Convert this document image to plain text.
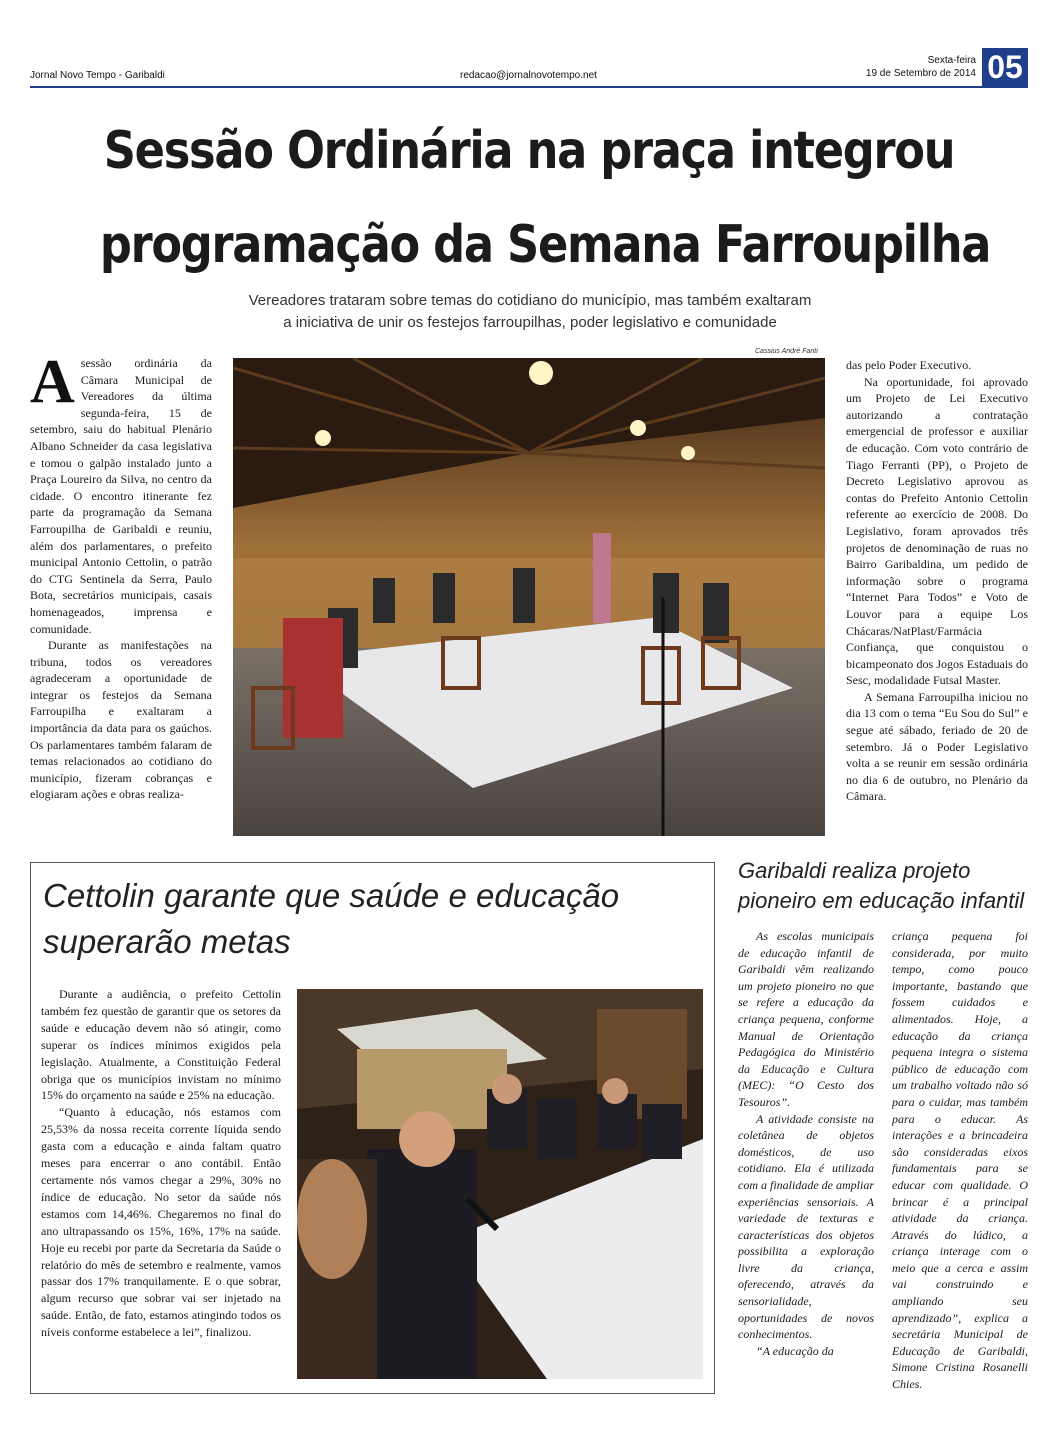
Jornal Novo Tempo - Garibaldi	redacao@jornalnovotempo.net
Sexta-feira
19 de Setembro de 2014 05
Sessão Ordinária na praça integrou
programação da Semana Farroupilha
Vereadores trataram sobre temas do cotidiano do município, mas também exaltaram
a iniciativa de unir os festejos farroupilhas, poder legislativo e comunidade

Asessão ordinária da Câmara Municipal de Vereadores da última segunda-feira, 15 de setembro, saiu do habitual Plenário Albano Schneider da casa legislativa e tomou o galpão instalado junto a Praça Loureiro da Silva, no centro da cidade. O encontro itinerante fez parte da programação da Semana Farroupilha de Garibaldi e reuniu, além dos parlamentares, o prefeito municipal Antonio Cettolin, o patrão do CTG Sentinela da Serra, Paulo Bota, secretários municipais, casais homenageados, imprensa e comunidade.

Durante as manifestações na tribuna, todos os vereadores agradeceram a oportunidade de integrar os festejos da Semana Farroupilha e exaltaram a importância da data para os gaúchos. Os parlamentares também falaram de temas relacionados ao cotidiano do município, fizeram cobranças e elogiaram ações e obras realiza-

Cassius André Fanti

das pelo Poder Executivo.

Na oportunidade, foi aprovado um Projeto de Lei Executivo autorizando a contratação emergencial de professor e auxiliar de educação. Com voto contrário de Tiago Ferranti (PP), o Projeto de Decreto Legislativo aprovou as contas do Prefeito Antonio Cettolin referente ao exercício de 2008. Do Legislativo, foram aprovados três projetos de denominação de ruas no Bairro Garibaldina, um pedido de informação sobre o programa “Internet Para Todos” e Voto de Louvor para a equipe Los Chácaras/NatPlast/Farmácia Confiança, que conquistou o bicampeonato dos Jogos Estaduais do Sesc, modalidade Futsal Master.

A Semana Farroupilha iniciou no dia 13 com o tema “Eu Sou do Sul” e segue até sábado, feriado de 20 de setembro. Já o Poder Legislativo volta a se reunir em sessão ordinária no dia 6 de outubro, no Plenário da Câmara.

Cettolin garante que saúde e educação superarão metas

Durante a audiência, o prefeito Cettolin também fez questão de garantir que os setores da saúde e educação devem não só atingir, como superar os índices mínimos exigidos pela legislação. Atualmente, a Constituição Federal obriga que os municípios invistam no mínimo 15% do orçamento na saúde e 25% na educação.

“Quanto à educação, nós estamos com 25,53% da nossa receita corrente líquida sendo gasta com a educação e ainda faltam quatro meses para encerrar o ano contábil. Então certamente nós vamos chegar a 29%, 30% no índice de educação. No setor da saúde nós estamos com 14,46%. Chegaremos no final do ano ultrapassando os 15%, 16%, 17% na saúde. Hoje eu recebi por parte da Secretaria da Saúde o relatório do mês de setembro e realmente, vamos passar dos 17% tranquilamente. E o que sobrar, algum recurso que sobrar vai ser injetado na saúde. Então, de fato, estamos atingindo todos os níveis conforme estabelece a lei”, finalizou.

Garibaldi realiza projeto pioneiro em educação infantil

As escolas municipais de educação infantil de Garibaldi vêm realizando um projeto pioneiro no que se refere a educação da criança pequena, conforme Manual de Orientação Pedagógica do Ministério da Educação e Cultura (MEC): “O Cesto dos Tesouros”.

A atividade consiste na coletânea de objetos domésticos, de uso cotidiano. Ela é utilizada com a finalidade de ampliar experiências sensoriais. A variedade de texturas e características dos objetos possibilita a exploração livre da criança, oferecendo, através da sensorialidade, oportunidades de novos conhecimentos.

“A educação da

criança pequena foi considerada, por muito tempo, como pouco importante, bastando que fossem cuidados e alimentados. Hoje, a educação da criança pequena integra o sistema público de educação com um trabalho voltado não só para o cuidar, mas também para o educar. As interações e a brincadeira são consideradas eixos fundamentais para se educar com qualidade. O brincar é a principal atividade da criança. Através do lúdico, a criança interage com o meio que a cerca e assim vai construindo e ampliando seu aprendizado”, explica a secretária Municipal de Educação de Garibaldi, Simone Cristina Rosanelli Chies.
